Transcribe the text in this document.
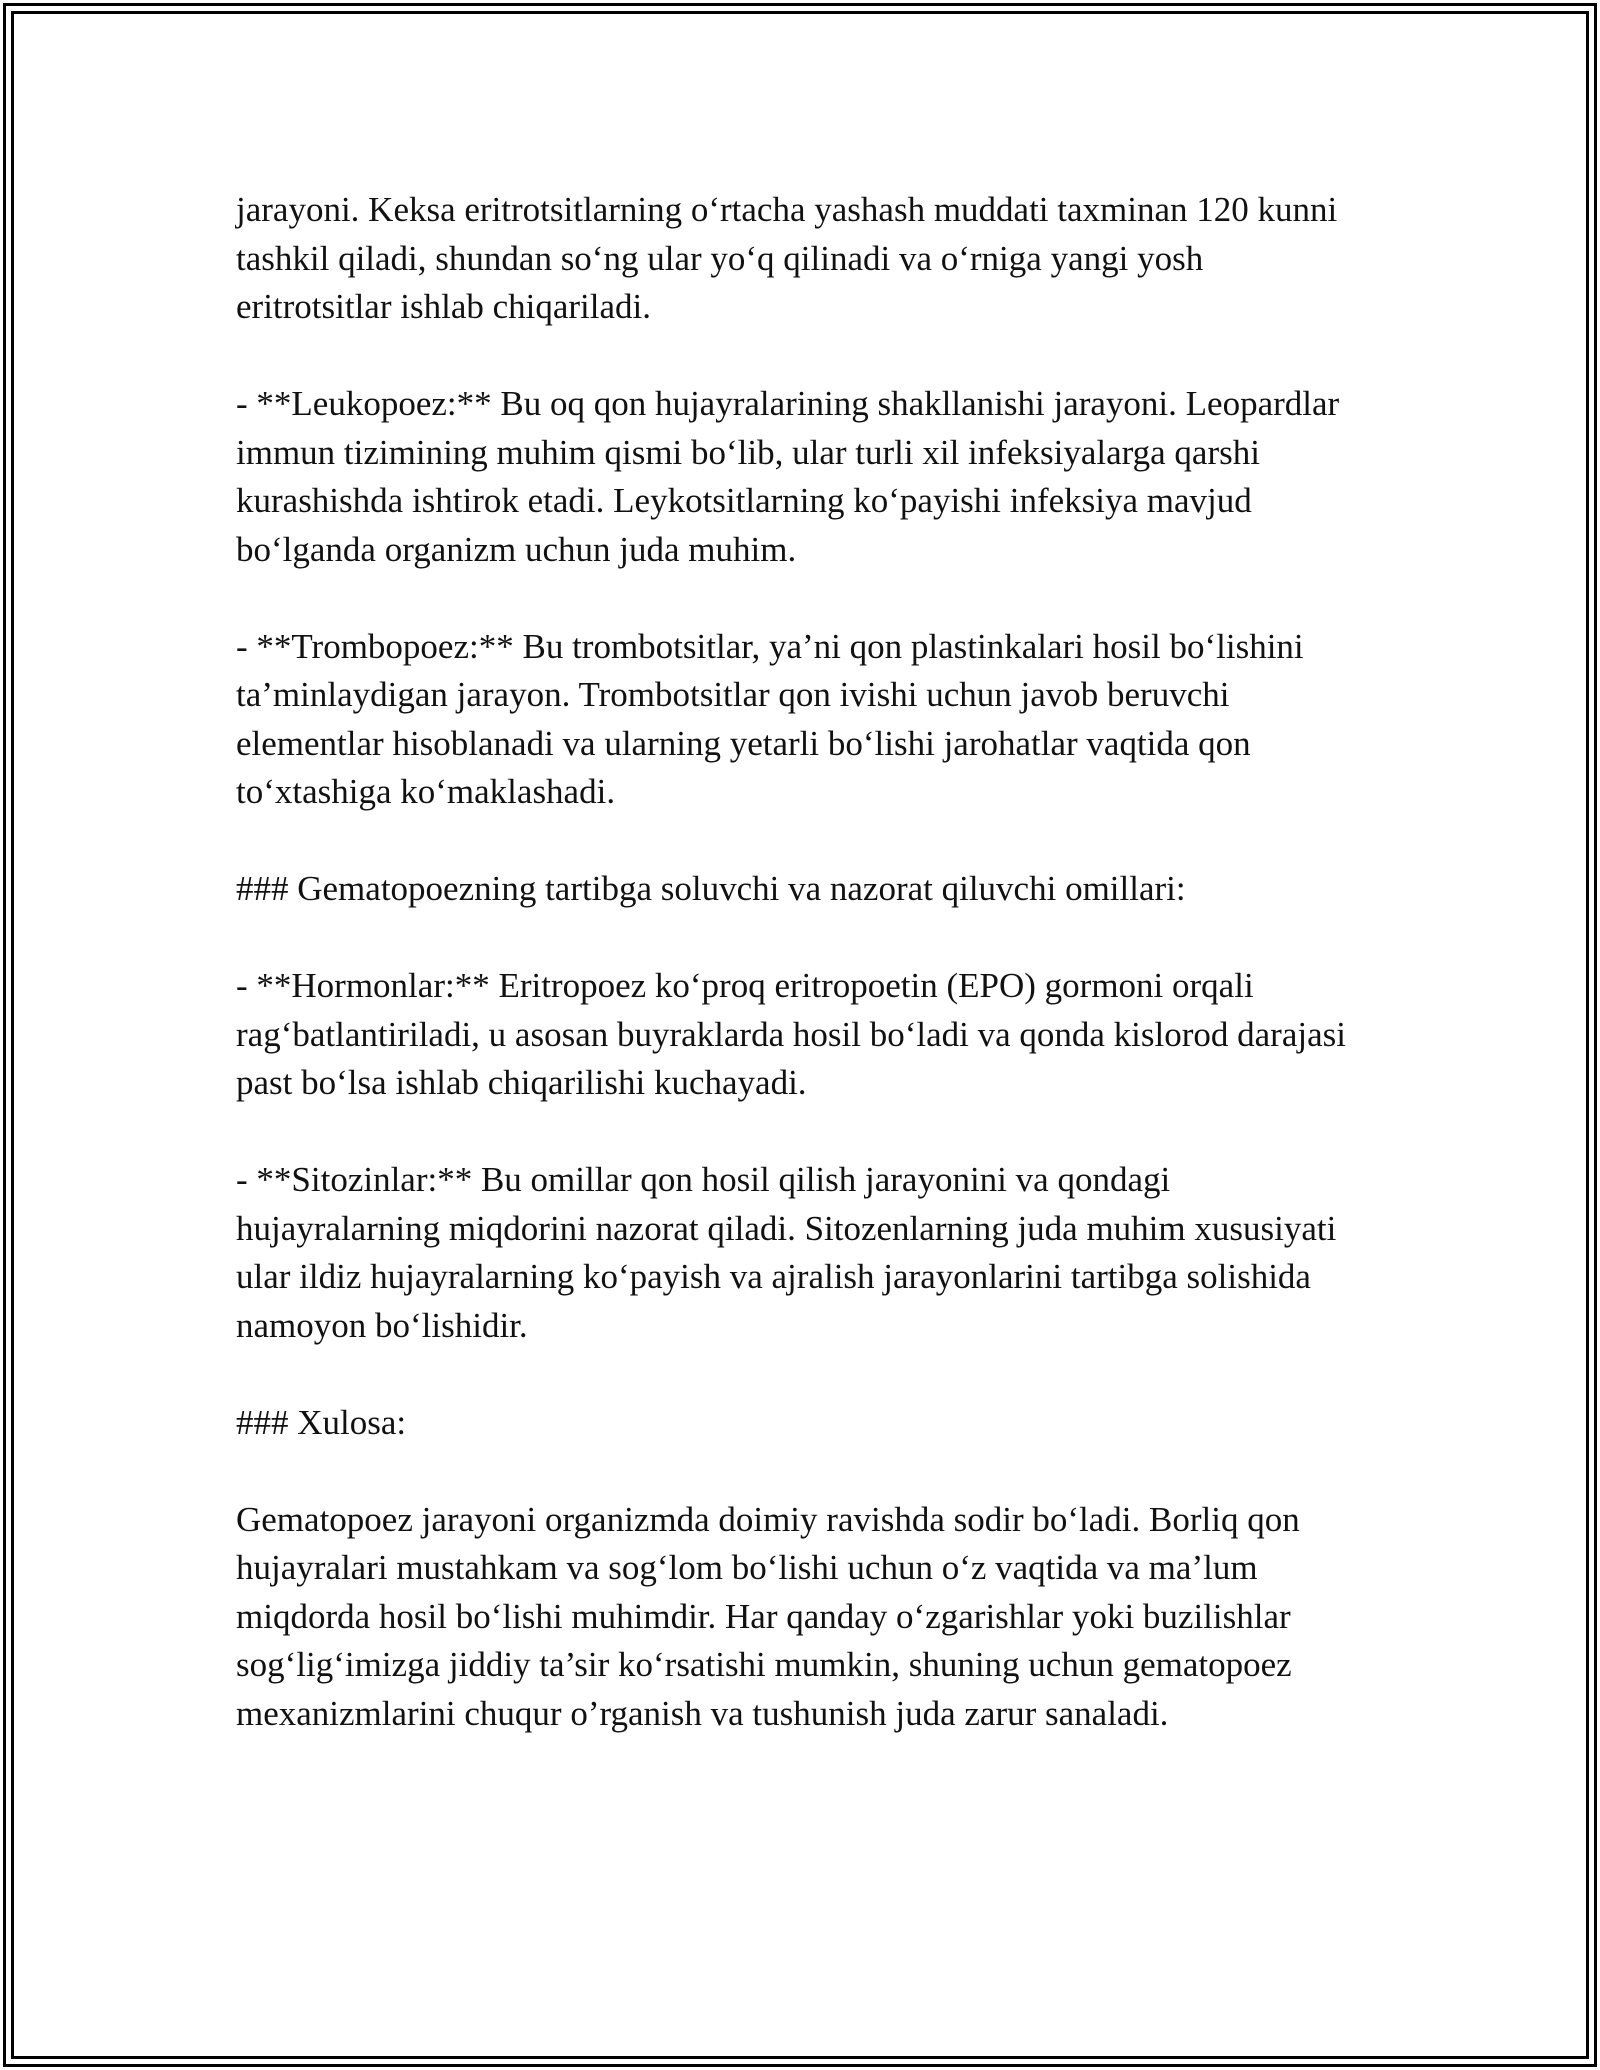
jarayoni. Keksa eritrotsitlarning o‘rtacha yashash muddati taxminan 120 kunni tashkil qiladi, shundan so‘ng ular yo‘q qilinadi va o‘rniga yangi yosh eritrotsitlar ishlab chiqariladi.

- **Leukopoez:** Bu oq qon hujayralarining shakllanishi jarayoni. Leopardlar immun tizimining muhim qismi bo‘lib, ular turli xil infeksiyalarga qarshi kurashishda ishtirok etadi. Leykotsitlarning ko‘payishi infeksiya mavjud bo‘lganda organizm uchun juda muhim.

- **Trombopoez:** Bu trombotsitlar, ya’ni qon plastinkalari hosil bo‘lishini ta’minlaydigan jarayon. Trombotsitlar qon ivishi uchun javob beruvchi elementlar hisoblanadi va ularning yetarli bo‘lishi jarohatlar vaqtida qon to‘xtashiga ko‘maklashadi.

### Gematopoezning tartibga soluvchi va nazorat qiluvchi omillari:

- **Hormonlar:** Eritropoez ko‘proq eritropoetin (EPO) gormoni orqali rag‘batlantiriladi, u asosan buyraklarda hosil bo‘ladi va qonda kislorod darajasi past bo‘lsa ishlab chiqarilishi kuchayadi.

- **Sitozinlar:** Bu omillar qon hosil qilish jarayonini va qondagi hujayralarning miqdorini nazorat qiladi. Sitozenlarning juda muhim xususiyati ular ildiz hujayralarning ko‘payish va ajralish jarayonlarini tartibga solishida namoyon bo‘lishidir.

### Xulosa:

Gematopoez jarayoni organizmda doimiy ravishda sodir bo‘ladi. Borliq qon hujayralari mustahkam va sog‘lom bo‘lishi uchun o‘z vaqtida va ma’lum miqdorda hosil bo‘lishi muhimdir. Har qanday o‘zgarishlar yoki buzilishlar sog‘lig‘imizga jiddiy ta’sir ko‘rsatishi mumkin, shuning uchun gematopoez mexanizmlarini chuqur o’rganish va tushunish juda zarur sanaladi.
